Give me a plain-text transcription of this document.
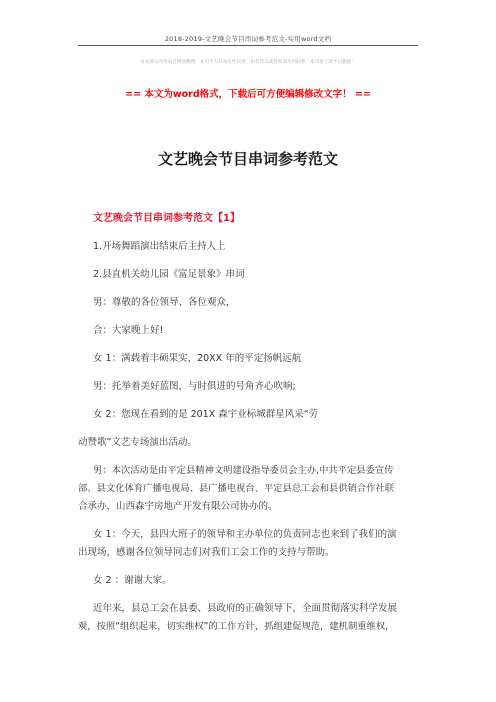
2018-2019-文艺晚会节目串词参考范文-实用word文档
本文部分内容来自网络整理，本司不为其真实性负责，如有异议或侵权请及时联系，本司将立即予以删除！
== 本文为word格式，下载后可方便编辑修改文字！ ==
文艺晚会节目串词参考范文
文艺晚会节目串词参考范文【1】
1.开场舞蹈演出结束后主持人上
2.县直机关幼儿园《富足景象》串词
男：尊敬的各位领导、各位观众，
合：大家晚上好!
女 1：满载着丰硕果实，20XX 年的平定扬帆远航
男：托举着美好蓝图，与时俱进的号角齐心吹响;
女 2：您现在看到的是 201X 森宇业标城群星风采“劳
动赞歌”文艺专场演出活动。
男：本次活动是由平定县精神文明建设指导委员会主办,中共平定县委宣传
部、县文化体育广播电视局、县广播电视台、平定县总工会和县供销合作社联
合承办，山西森宇房地产开发有限公司协办的。
女 1：今天，县四大班子的领导和主办单位的负责同志也来到了我们的演
出现场，感谢各位领导同志们对我们工会工作的支持与帮助。
女 2 ：谢谢大家。
近年来，县总工会在县委、县政府的正确领导下，全面贯彻落实科学发展
观，按照“组织起来，切实维权”的工作方针，抓组建促规范，建机制重维权，
